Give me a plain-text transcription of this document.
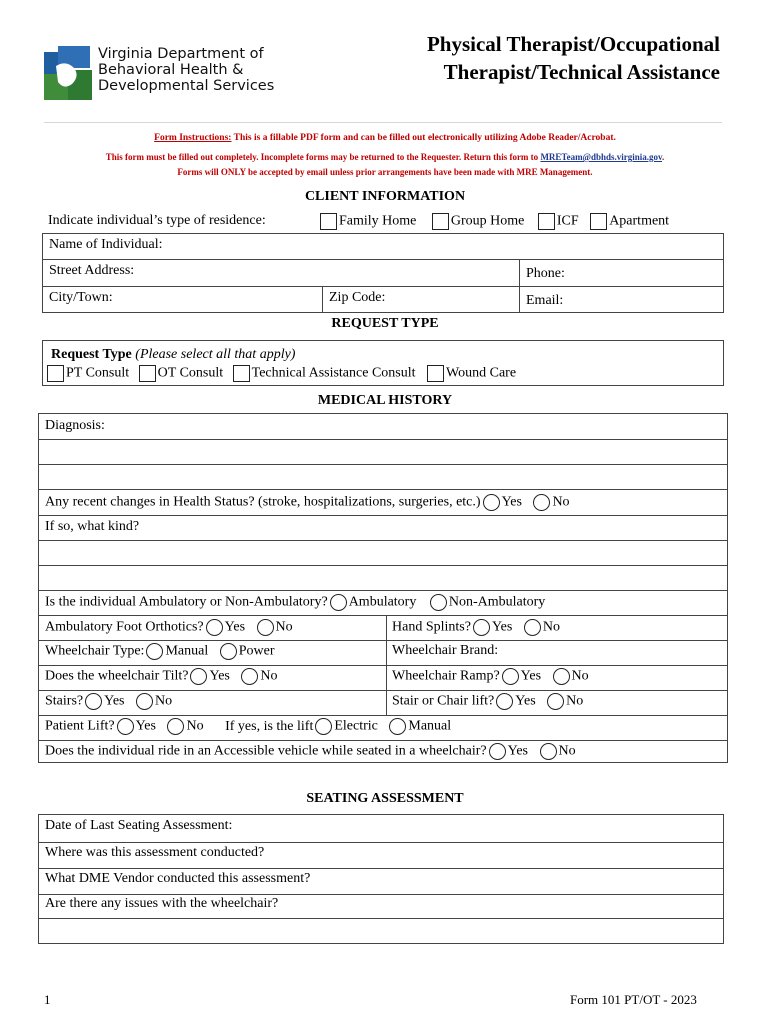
Virginia Department of
Behavioral Health &
Developmental Services
Physical Therapist/Occupational
Therapist/Technical Assistance
Form Instructions: This is a fillable PDF form and can be filled out electronically utilizing Adobe Reader/Acrobat.
This form must be filled out completely. Incomplete forms may be returned to the Requester. Return this form to MRETeam@dbhds.virginia.gov.
Forms will ONLY be accepted by email unless prior arrangements have been made with MRE Management.
CLIENT INFORMATION
Indicate individual’s type of residence:	Family Home Group Home ICF Apartment
Name of Individual:
Street Address:	Phone:
City/Town:	Zip Code:	Email:
REQUEST TYPE
Request Type (Please select all that apply)
PT Consult OT Consult Technical Assistance Consult Wound Care
MEDICAL HISTORY
Diagnosis:
Any recent changes in Health Status? (stroke, hospitalizations, surgeries, etc.) Yes No
If so, what kind?
Is the individual Ambulatory or Non-Ambulatory? Ambulatory Non-Ambulatory
Ambulatory Foot Orthotics? Yes No	Hand Splints? Yes No
Wheelchair Type: Manual Power	Wheelchair Brand:
Does the wheelchair Tilt? Yes No	Wheelchair Ramp? Yes No
Stairs? Yes No	Stair or Chair lift? Yes No
Patient Lift? Yes No If yes, is the lift Electric Manual
Does the individual ride in an Accessible vehicle while seated in a wheelchair? Yes No
SEATING ASSESSMENT
Date of Last Seating Assessment:
Where was this assessment conducted?
What DME Vendor conducted this assessment?
Are there any issues with the wheelchair?
1	Form 101 PT/OT - 2023
